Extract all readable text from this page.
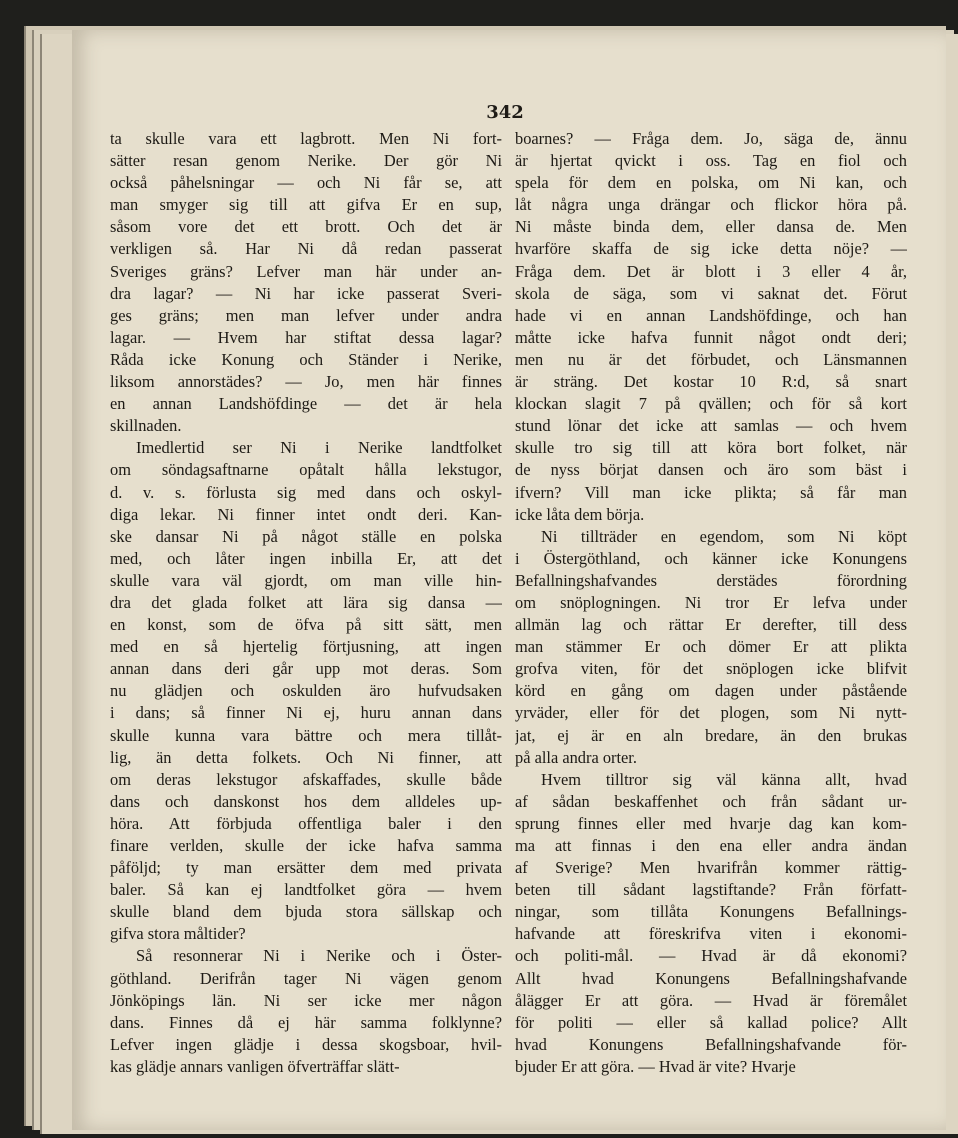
342
ta skulle vara ett lagbrott. Men Ni fort-
sätter resan genom Nerike. Der gör Ni
också påhelsningar — och Ni får se, att
man smyger sig till att gifva Er en sup,
såsom vore det ett brott. Och det är
verkligen så. Har Ni då redan passerat
Sveriges gräns? Lefver man här under an-
dra lagar? — Ni har icke passerat Sveri-
ges gräns; men man lefver under andra
lagar. — Hvem har stiftat dessa lagar?
Råda icke Konung och Ständer i Nerike,
liksom annorstädes? — Jo, men här finnes
en annan Landshöfdinge — det är hela
skillnaden.
Imedlertid ser Ni i Nerike landtfolket
om söndagsaftnarne opåtalt hålla lekstugor,
d. v. s. förlusta sig med dans och oskyl-
diga lekar. Ni finner intet ondt deri. Kan-
ske dansar Ni på något ställe en polska
med, och låter ingen inbilla Er, att det
skulle vara väl gjordt, om man ville hin-
dra det glada folket att lära sig dansa —
en konst, som de öfva på sitt sätt, men
med en så hjertelig förtjusning, att ingen
annan dans deri går upp mot deras. Som
nu glädjen och oskulden äro hufvudsaken
i dans; så finner Ni ej, huru annan dans
skulle kunna vara bättre och mera tillåt-
lig, än detta folkets. Och Ni finner, att
om deras lekstugor afskaffades, skulle både
dans och danskonst hos dem alldeles up-
höra. Att förbjuda offentliga baler i den
finare verlden, skulle der icke hafva samma
påföljd; ty man ersätter dem med privata
baler. Så kan ej landtfolket göra — hvem
skulle bland dem bjuda stora sällskap och
gifva stora måltider?
Så resonnerar Ni i Nerike och i Öster-
göthland. Derifrån tager Ni vägen genom
Jönköpings län. Ni ser icke mer någon
dans. Finnes då ej här samma folklynne?
Lefver ingen glädje i dessa skogsboar, hvil-
kas glädje annars vanligen öfverträffar slätt-
boarnes? — Fråga dem. Jo, säga de, ännu
är hjertat qvickt i oss. Tag en fiol och
spela för dem en polska, om Ni kan, och
låt några unga drängar och flickor höra på.
Ni måste binda dem, eller dansa de. Men
hvarföre skaffa de sig icke detta nöje? —
Fråga dem. Det är blott i 3 eller 4 år,
skola de säga, som vi saknat det. Förut
hade vi en annan Landshöfdinge, och han
måtte icke hafva funnit något ondt deri;
men nu är det förbudet, och Länsmannen
är sträng. Det kostar 10 R:d, så snart
klockan slagit 7 på qvällen; och för så kort
stund lönar det icke att samlas — och hvem
skulle tro sig till att köra bort folket, när
de nyss börjat dansen och äro som bäst i
ifvern? Vill man icke plikta; så får man
icke låta dem börja.
Ni tillträder en egendom, som Ni köpt
i Östergöthland, och känner icke Konungens
Befallningshafvandes derstädes förordning
om snöplogningen. Ni tror Er lefva under
allmän lag och rättar Er derefter, till dess
man stämmer Er och dömer Er att plikta
grofva viten, för det snöplogen icke blifvit
körd en gång om dagen under påstående
yrväder, eller för det plogen, som Ni nytt-
jat, ej är en aln bredare, än den brukas
på alla andra orter.
Hvem tilltror sig väl känna allt, hvad
af sådan beskaffenhet och från sådant ur-
sprung finnes eller med hvarje dag kan kom-
ma att finnas i den ena eller andra ändan
af Sverige? Men hvarifrån kommer rättig-
beten till sådant lagstiftande? Från författ-
ningar, som tillåta Konungens Befallnings-
hafvande att föreskrifva viten i ekonomi-
och politi-mål. — Hvad är då ekonomi?
Allt hvad Konungens Befallningshafvande
ålägger Er att göra. — Hvad är föremålet
för politi — eller så kallad police? Allt
hvad Konungens Befallningshafvande för-
bjuder Er att göra. — Hvad är vite? Hvarje
